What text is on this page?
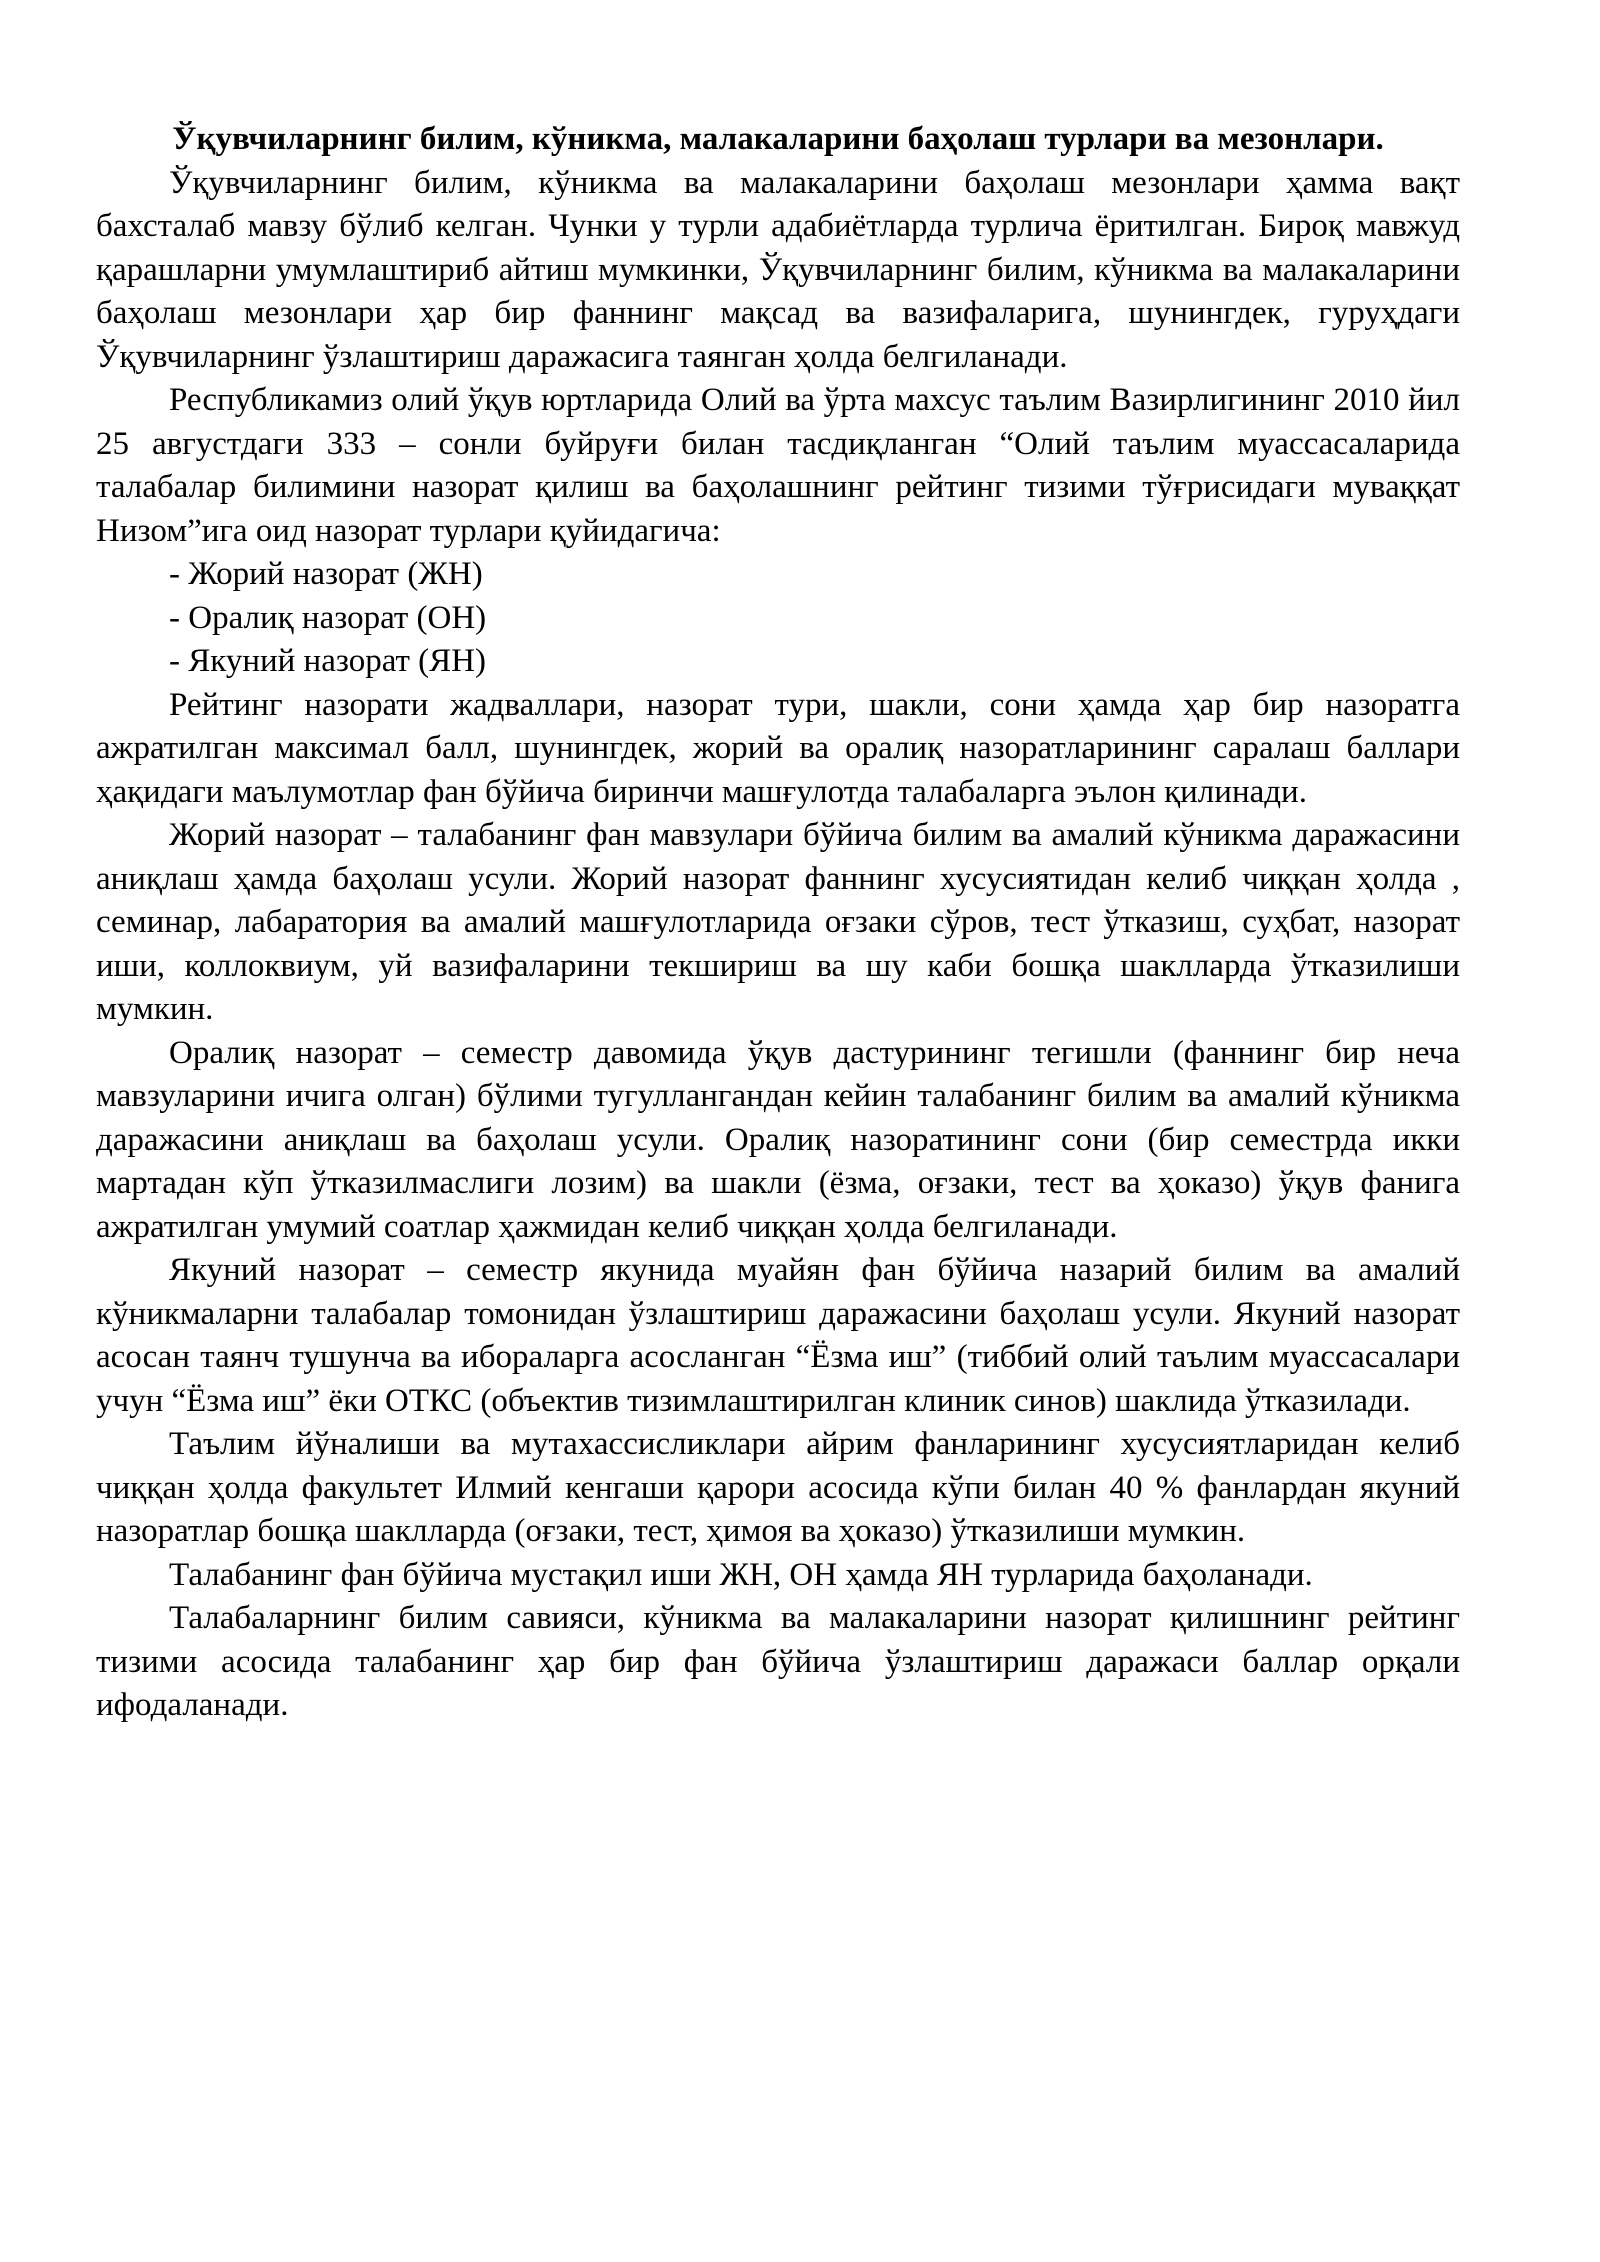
Ўқувчиларнинг билим, кўникма, малакаларини баҳолаш турлари ва мезонлари.

Ўқувчиларнинг билим, кўникма ва малакаларини баҳолаш мезонлари ҳамма вақт бахсталаб мавзу бўлиб келган. Чунки у турли адабиётларда турлича ёритилган. Бироқ мавжуд қарашларни умумлаштириб айтиш мумкинки, Ўқувчиларнинг билим, кўникма ва малакаларини баҳолаш мезонлари ҳар бир фаннинг мақсад ва вазифаларига, шунингдек, гуруҳдаги Ўқувчиларнинг ўзлаштириш даражасига таянган ҳолда белгиланади.

Республикамиз олий ўқув юртларида Олий ва ўрта махсус таълим Вазирлигининг 2010 йил 25 августдаги 333 – сонли буйруғи билан тасдиқланган “Олий таълим муассасаларида талабалар билимини назорат қилиш ва баҳолашнинг рейтинг тизими тўғрисидаги муваққат Низом”ига оид назорат турлари қуйидагича:

- Жорий назорат (ЖН)

- Оралиқ назорат (ОН)

- Якуний назорат (ЯН)

Рейтинг назорати жадваллари, назорат тури, шакли, сони ҳамда ҳар бир назоратга ажратилган максимал балл, шунингдек, жорий ва оралиқ назоратларининг саралаш баллари ҳақидаги маълумотлар фан бўйича биринчи машғулотда талабаларга эълон қилинади.

Жорий назорат – талабанинг фан мавзулари бўйича билим ва амалий кўникма даражасини аниқлаш ҳамда баҳолаш усули. Жорий назорат фаннинг хусусиятидан келиб чиққан ҳолда , семинар, лабаратория ва амалий машғулотларида оғзаки сўров, тест ўтказиш, суҳбат, назорат иши, коллоквиум, уй вазифаларини текшириш ва шу каби бошқа шаклларда ўтказилиши мумкин.

Оралиқ назорат – семестр давомида ўқув дастурининг тегишли (фаннинг бир неча мавзуларини ичига олган) бўлими тугуллангандан кейин талабанинг билим ва амалий кўникма даражасини аниқлаш ва баҳолаш усули. Оралиқ назоратининг сони (бир семестрда икки мартадан кўп ўтказилмаслиги лозим) ва шакли (ёзма, оғзаки, тест ва ҳоказо) ўқув фанига ажратилган умумий соатлар ҳажмидан келиб чиққан ҳолда белгиланади.

Якуний назорат – семестр якунида муайян фан бўйича назарий билим ва амалий кўникмаларни талабалар томонидан ўзлаштириш даражасини баҳолаш усули. Якуний назорат асосан таянч тушунча ва ибораларга асосланган “Ёзма иш” (тиббий олий таълим муассасалари учун “Ёзма иш” ёки ОТКС (объектив тизимлаштирилган клиник синов) шаклида ўтказилади.

Таълим йўналиши ва мутахассисликлари айрим фанларининг хусусиятларидан келиб чиққан ҳолда факультет Илмий кенгаши қарори асосида кўпи билан 40 % фанлардан якуний назоратлар бошқа шаклларда (оғзаки, тест, ҳимоя ва ҳоказо) ўтказилиши мумкин.

Талабанинг фан бўйича мустақил иши ЖН, ОН ҳамда ЯН турларида баҳоланади.

Талабаларнинг билим савияси, кўникма ва малакаларини назорат қилишнинг рейтинг тизими асосида талабанинг ҳар бир фан бўйича ўзлаштириш даражаси баллар орқали ифодаланади.
